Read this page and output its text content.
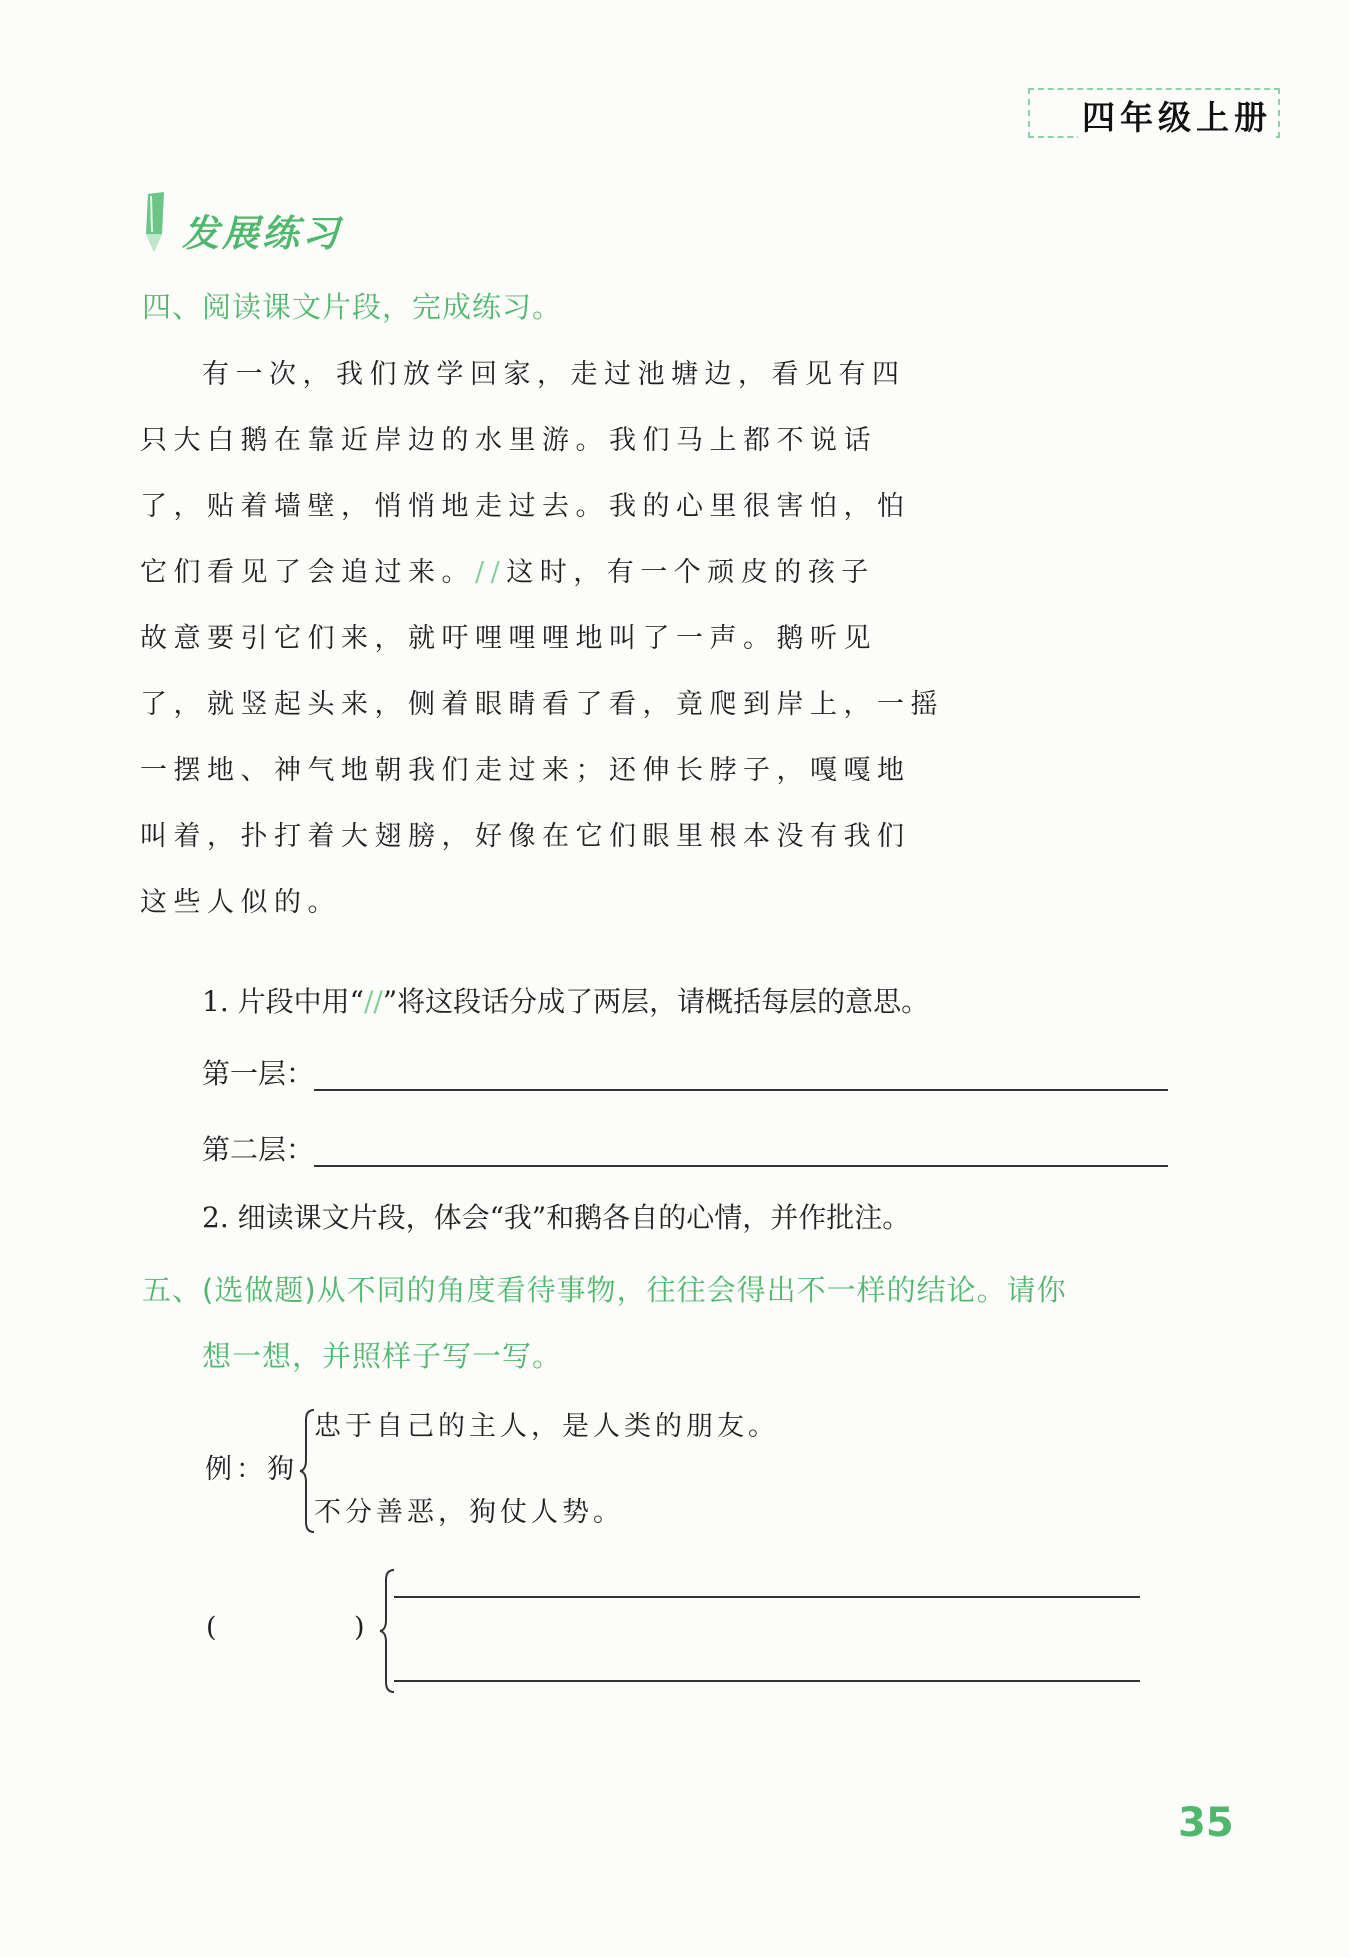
四年级上册
发展练习
四、阅读课文片段，完成练习。
有一次，我们放学回家，走过池塘边，看见有四
只大白鹅在靠近岸边的水里游。我们马上都不说话
了，贴着墙壁，悄悄地走过去。我的心里很害怕，怕
它们看见了会追过来。//这时，有一个顽皮的孩子
故意要引它们来，就吁哩哩哩地叫了一声。鹅听见
了，就竖起头来，侧着眼睛看了看，竟爬到岸上，一摇
一摆地、神气地朝我们走过来；还伸长脖子，嘎嘎地
叫着，扑打着大翅膀，好像在它们眼里根本没有我们
这些人似的。
1. 片段中用“//”将这段话分成了两层，请概括每层的意思。
第一层：
第二层：
2. 细读课文片段，体会“我”和鹅各自的心情，并作批注。
五、(选做题)从不同的角度看待事物，往往会得出不一样的结论。请你
想一想，并照样子写一写。
例：狗
忠于自己的主人，是人类的朋友。
不分善恶，狗仗人势。
(	)
35
